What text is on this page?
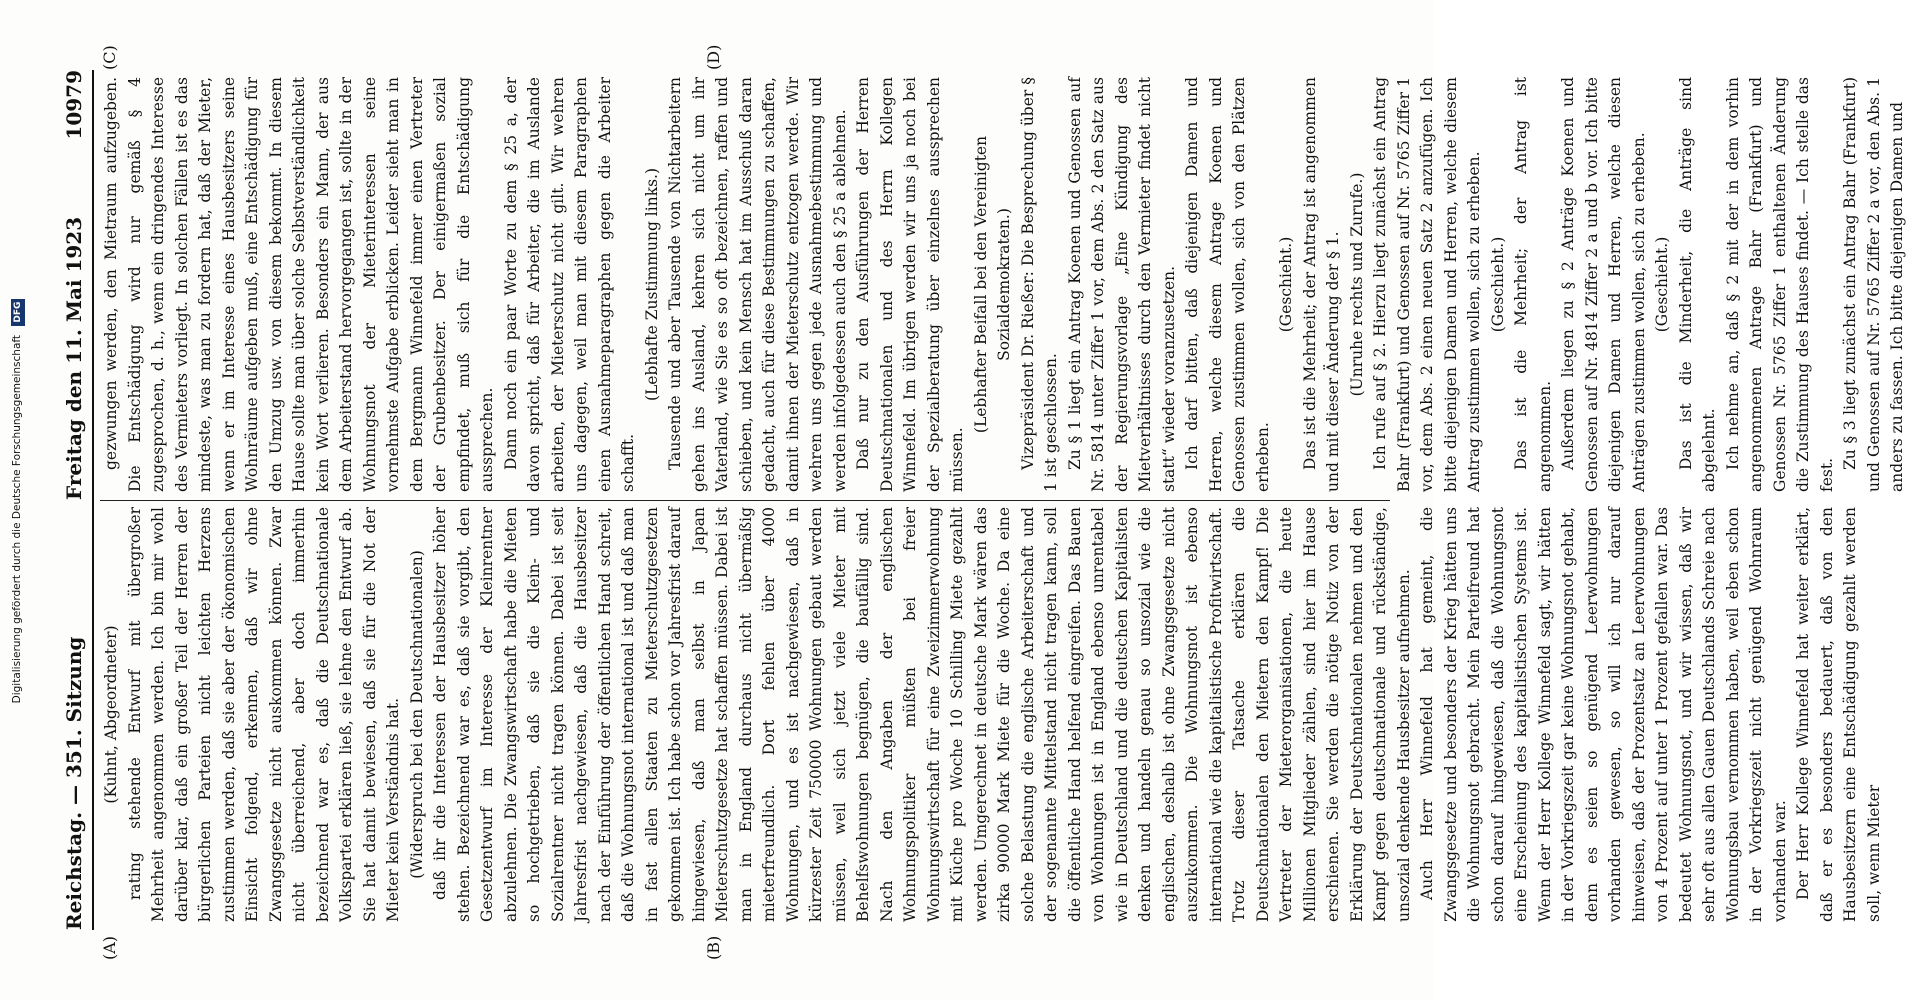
Reichstag. — 351. Sitzung
Freitag den 11. Mai 1923
10979
(A)	(B)
(C)	(D)

(Kuhnt, Abgeordneter) rating stehende Entwurf mit übergroßer Mehrheit angenommen werden. Ich bin mir wohl darüber klar, daß ein großer Teil der Herren der bürgerlichen Parteien nicht leichten Herzens zustimmen werden, daß sie aber der ökonomischen Einsicht folgend, erkennen, daß wir ohne Zwangsgesetze nicht auskommen können. Zwar nicht überreichend, aber doch immerhin bezeichnend war es, daß die Deutschnationale Volkspartei erklären ließ, sie lehne den Entwurf ab. Sie hat damit bewiesen, daß sie für die Not der Mieter kein Verständnis hat. (Widerspruch bei den Deutschnationalen) daß ihr die Interessen der Hausbesitzer höher stehen. Bezeichnend war es, daß sie vorgibt, den Gesetzentwurf im Interesse der Kleinrentner abzulehnen. Die Zwangswirtschaft habe die Mieten so hochgetrieben, daß sie die Klein- und Sozialrentner nicht tragen können. Dabei ist seit Jahresfrist nachgewiesen, daß die Hausbesitzer nach der Einführung der öffentlichen Hand schreit, daß die Wohnungsnot international ist und daß man in fast allen Staaten zu Mieterschutzgesetzen gekommen ist. Ich habe schon vor Jahresfrist darauf hingewiesen, daß man selbst in Japan Mieterschutzgesetze hat schaffen müssen. Dabei ist man in England durchaus nicht übermäßig mieterfreundlich. Dort fehlen über 4000 Wohnungen, und es ist nachgewiesen, daß in kürzester Zeit 750000 Wohnungen gebaut werden müssen, weil sich jetzt viele Mieter mit Behelfswohnungen begnügen, die baufällig sind. Nach den Angaben der englischen Wohnungspolitiker müßten bei freier Wohnungswirtschaft für eine Zweizimmerwohnung mit Küche pro Woche 10 Schilling Miete gezahlt werden. Umgerechnet in deutsche Mark wären das zirka 90000 Mark Miete für die Woche. Da eine solche Belastung die englische Arbeiterschaft und der sogenannte Mittelstand nicht tragen kann, soll die öffentliche Hand helfend eingreifen. Das Bauen von Wohnungen ist in England ebenso unrentabel wie in Deutschland und die deutschen Kapitalisten denken und handeln genau so unsozial wie die englischen, deshalb ist ohne Zwangsgesetze nicht auszukommen. Die Wohnungsnot ist ebenso international wie die kapitalistische Profitwirtschaft. Trotz dieser Tatsache erklären die Deutschnationalen den Mietern den Kampf! Die Vertreter der Mieterorganisationen, die heute Millionen Mitglieder zählen, sind hier im Hause erschienen. Sie werden die nötige Notiz von der Erklärung der Deutschnationalen nehmen und den Kampf gegen deutschnationale und rückständige, unsozial denkende Hausbesitzer aufnehmen. Auch Herr Winnefeld hat gemeint, die Zwangsgesetze und besonders der Krieg hätten uns die Wohnungsnot gebracht. Mein Parteifreund hat schon darauf hingewiesen, daß die Wohnungsnot eine Erscheinung des kapitalistischen Systems ist. Wenn der Herr Kollege Winnefeld sagt, wir hätten in der Vorkriegszeit gar keine Wohnungsnot gehabt, denn es seien so genügend Leerwohnungen vorhanden gewesen, so will ich nur darauf hinweisen, daß der Prozentsatz an Leerwohnungen von 4 Prozent auf unter 1 Prozent gefallen war. Das bedeutet Wohnungsnot, und wir wissen, daß wir sehr oft aus allen Gauen Deutschlands Schreie nach Wohnungsbau vernommen haben, weil eben schon in der Vorkriegszeit nicht genügend Wohnraum vorhanden war. Der Herr Kollege Winnefeld hat weiter erklärt, daß er es besonders bedauert, daß von den Hausbesitzern eine Entschädigung gezahlt werden soll, wenn Mieter

gezwungen werden, den Mietraum aufzugeben. Die Entschädigung wird nur gemäß § 4 zugesprochen, d. h., wenn ein dringendes Interesse des Vermieters vorliegt. In solchen Fällen ist es das mindeste, was man zu fordern hat, daß der Mieter, wenn er im Interesse eines Hausbesitzers seine Wohnräume aufgeben muß, eine Entschädigung für den Umzug usw. von diesem bekommt. In diesem Hause sollte man über solche Selbstverständlichkeit kein Wort verlieren. Besonders ein Mann, der aus dem Arbeiterstand hervorgegangen ist, sollte in der Wohnungsnot der Mieterinteressen seine vornehmste Aufgabe erblicken. Leider sieht man in dem Bergmann Winnefeld immer einen Vertreter der Grubenbesitzer. Der einigermaßen sozial empfindet, muß sich für die Entschädigung aussprechen. Dann noch ein paar Worte zu dem § 25 a, der davon spricht, daß für Arbeiter, die im Auslande arbeiten, der Mieterschutz nicht gilt. Wir wehren uns dagegen, weil man mit diesem Paragraphen einen Ausnahmeparagraphen gegen die Arbeiter schafft.

(Lebhafte Zustimmung links.) Tausende und aber Tausende von Nichtarbeitern gehen ins Ausland, kehren sich nicht um ihr Vaterland, wie Sie es so oft bezeichnen, raffen und schieben, und kein Mensch hat im Ausschuß daran gedacht, auch für diese Bestimmungen zu schaffen, damit ihnen der Mieterschutz entzogen werde. Wir wehren uns gegen jede Ausnahmebestimmung und werden infolgedessen auch den § 25 a ablehnen. Daß nur zu den Ausführungen der Herren Deutschnationalen und des Herrn Kollegen Winnefeld. Im übrigen werden wir uns ja noch bei der Spezialberatung über einzelnes aussprechen müssen.

(Lebhafter Beifall bei den Vereinigten Sozialdemokraten.) Vizepräsident Dr. Rießer: Die Besprechung über § 1 ist geschlossen. Zu § 1 liegt ein Antrag Koenen und Genossen auf Nr. 5814 unter Ziffer 1 vor, dem Abs. 2 den Satz aus der Regierungsvorlage „Eine Kündigung des Mietverhältnisses durch den Vermieter findet nicht statt“ wieder voranzusetzen. Ich darf bitten, daß diejenigen Damen und Herren, welche diesem Antrage Koenen und Genossen zustimmen wollen, sich von den Plätzen erheben.

(Geschieht.) Das ist die Mehrheit; der Antrag ist angenommen und mit dieser Änderung der § 1. (Unruhe rechts und Zurufe.) Ich rufe auf § 2. Hierzu liegt zunächst ein Antrag Bahr (Frankfurt) und Genossen auf Nr. 5765 Ziffer 1 vor, dem Abs. 2 einen neuen Satz 2 anzufügen. Ich bitte diejenigen Damen und Herren, welche diesem Antrag zustimmen wollen, sich zu erheben. (Geschieht.) Das ist die Mehrheit; der Antrag ist angenommen. Außerdem liegen zu § 2 Anträge Koenen und Genossen auf Nr. 4814 Ziffer 2 a und b vor. Ich bitte diejenigen Damen und Herren, welche diesen Anträgen zustimmen wollen, sich zu erheben. (Geschieht.) Das ist die Minderheit, die Anträge sind abgelehnt. Ich nehme an, daß § 2 mit der in dem vorhin angenommenen Antrage Bahr (Frankfurt) und Genossen Nr. 5765 Ziffer 1 enthaltenen Änderung die Zustimmung des Hauses findet. — Ich stelle das fest.

Zu § 3 liegt zunächst ein Antrag Bahr (Frankfurt) und Genossen auf Nr. 5765 Ziffer 2 a vor, den Abs. 1 anders zu fassen. Ich bitte diejenigen Damen und

Digitalisierung gefördert durch die Deutsche Forschungsgemeinschaft DFG
